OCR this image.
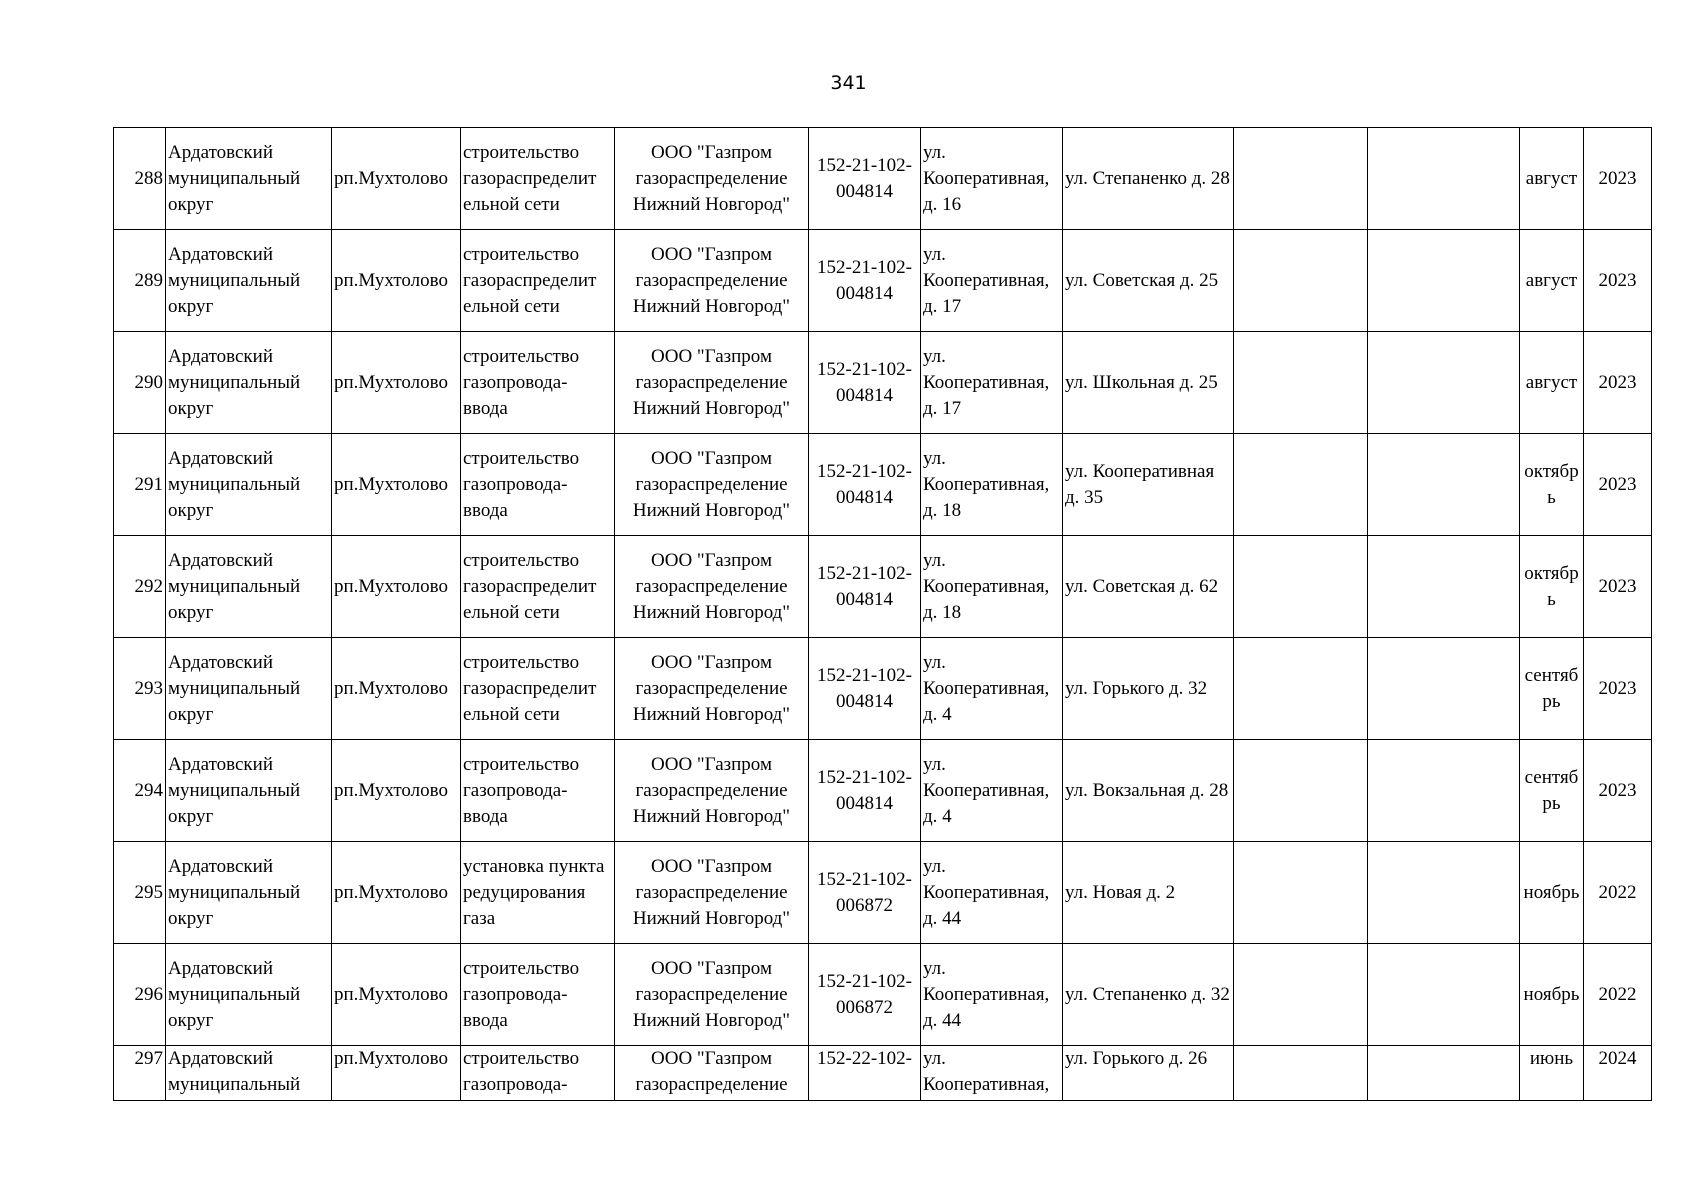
341
288	Ардатовский муниципальный округ	рп.Мухтолово	строительство газораспределит ельной сети	ООО "Газпром газораспределение Нижний Новгород"	152-21-102- 004814	ул. Кооперативная, д. 16	ул. Степаненко д. 28			август	2023
289	Ардатовский муниципальный округ	рп.Мухтолово	строительство газораспределит ельной сети	ООО "Газпром газораспределение Нижний Новгород"	152-21-102- 004814	ул. Кооперативная, д. 17	ул. Советская д. 25			август	2023
290	Ардатовский муниципальный округ	рп.Мухтолово	строительство газопровода- ввода	ООО "Газпром газораспределение Нижний Новгород"	152-21-102- 004814	ул. Кооперативная, д. 17	ул. Школьная д. 25			август	2023
291	Ардатовский муниципальный округ	рп.Мухтолово	строительство газопровода- ввода	ООО "Газпром газораспределение Нижний Новгород"	152-21-102- 004814	ул. Кооперативная, д. 18	ул. Кооперативная д. 35			октябр ь	2023
292	Ардатовский муниципальный округ	рп.Мухтолово	строительство газораспределит ельной сети	ООО "Газпром газораспределение Нижний Новгород"	152-21-102- 004814	ул. Кооперативная, д. 18	ул. Советская д. 62			октябр ь	2023
293	Ардатовский муниципальный округ	рп.Мухтолово	строительство газораспределит ельной сети	ООО "Газпром газораспределение Нижний Новгород"	152-21-102- 004814	ул. Кооперативная, д. 4	ул. Горького д. 32			сентяб рь	2023
294	Ардатовский муниципальный округ	рп.Мухтолово	строительство газопровода- ввода	ООО "Газпром газораспределение Нижний Новгород"	152-21-102- 004814	ул. Кооперативная, д. 4	ул. Вокзальная д. 28			сентяб рь	2023
295	Ардатовский муниципальный округ	рп.Мухтолово	установка пункта редуцирования газа	ООО "Газпром газораспределение Нижний Новгород"	152-21-102- 006872	ул. Кооперативная, д. 44	ул. Новая д. 2			ноябрь	2022
296	Ардатовский муниципальный округ	рп.Мухтолово	строительство газопровода- ввода	ООО "Газпром газораспределение Нижний Новгород"	152-21-102- 006872	ул. Кооперативная, д. 44	ул. Степаненко д. 32			ноябрь	2022
297	Ардатовский муниципальный	рп.Мухтолово	строительство газопровода-	ООО "Газпром газораспределение	152-22-102-	ул. Кооперативная,	ул. Горького д. 26			июнь	2024
